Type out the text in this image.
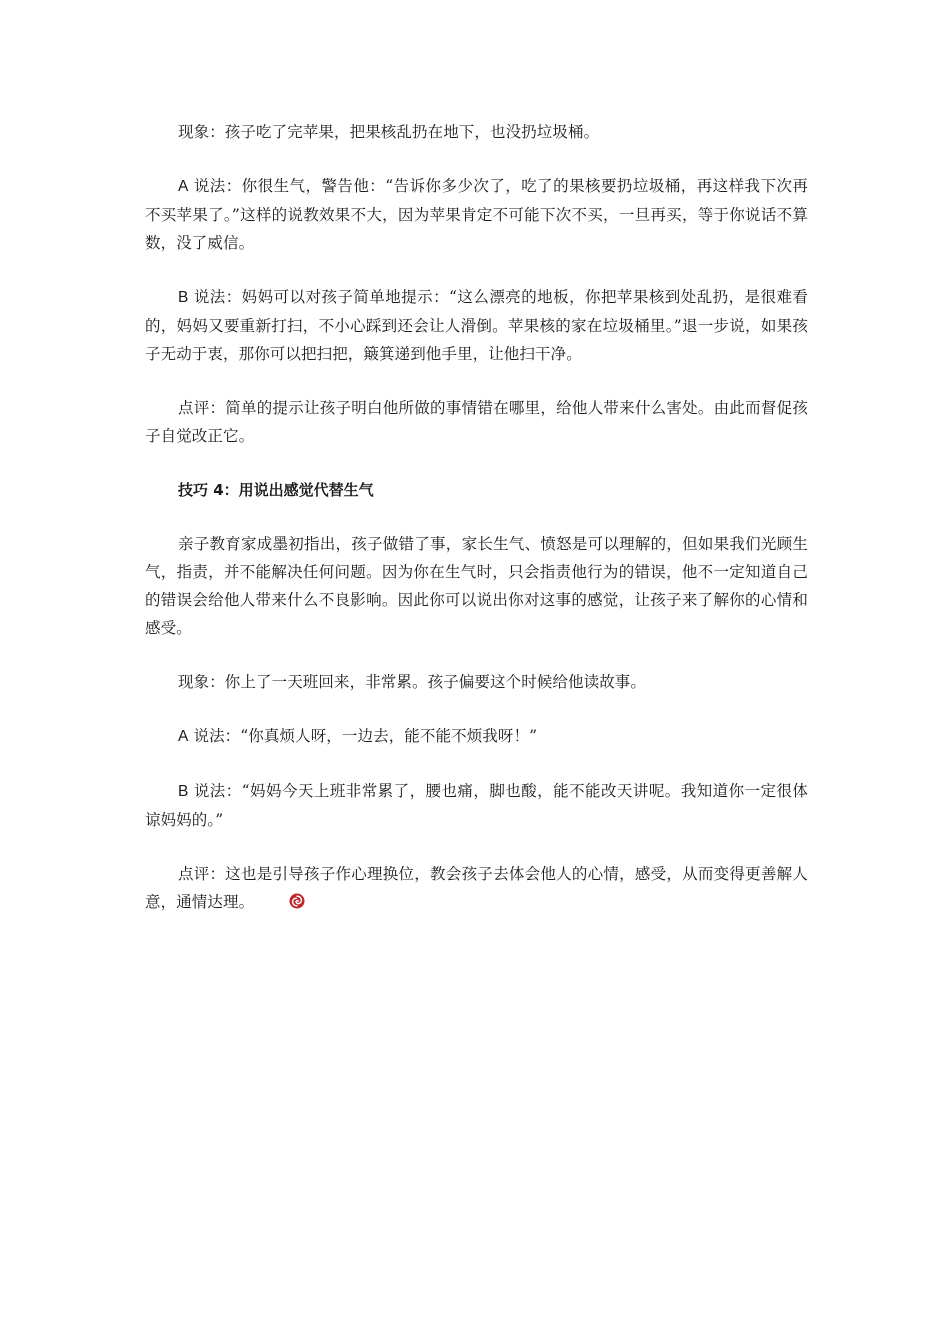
现象：孩子吃了完苹果，把果核乱扔在地下，也没扔垃圾桶。

A 说法：你很生气，警告他：“告诉你多少次了，吃了的果核要扔垃圾桶，再这样我下次再不买苹果了。”这样的说教效果不大，因为苹果肯定不可能下次不买，一旦再买，等于你说话不算数，没了威信。

B 说法：妈妈可以对孩子简单地提示：“这么漂亮的地板，你把苹果核到处乱扔，是很难看的，妈妈又要重新打扫，不小心踩到还会让人滑倒。苹果核的家在垃圾桶里。”退一步说，如果孩子无动于衷，那你可以把扫把，簸箕递到他手里，让他扫干净。

点评：简单的提示让孩子明白他所做的事情错在哪里，给他人带来什么害处。由此而督促孩子自觉改正它。

技巧 4：用说出感觉代替生气

亲子教育家成墨初指出，孩子做错了事，家长生气、愤怒是可以理解的，但如果我们光顾生气，指责，并不能解决任何问题。因为你在生气时，只会指责他行为的错误，他不一定知道自己的错误会给他人带来什么不良影响。因此你可以说出你对这事的感觉，让孩子来了解你的心情和感受。

现象：你上了一天班回来，非常累。孩子偏要这个时候给他读故事。

A 说法：“你真烦人呀，一边去，能不能不烦我呀！”

B 说法：“妈妈今天上班非常累了，腰也痛，脚也酸，能不能改天讲呢。我知道你一定很体谅妈妈的。”

点评：这也是引导孩子作心理换位，教会孩子去体会他人的心情，感受，从而变得更善解人意，通情达理。
